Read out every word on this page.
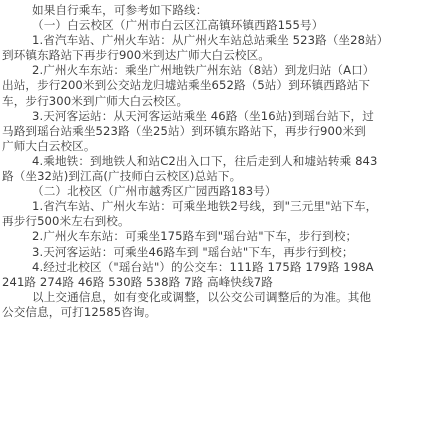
如果自行乘车，可参考如下路线：
（一）白云校区（广州市白云区江高镇环镇西路155号）
1.省汽车站、广州火车站：从广州火车站总站乘坐 523路（坐28站）
到环镇东路站下再步行900米到达广师大白云校区。
2.广州火车东站：乘坐广州地铁广州东站（8站）到龙归站（A口）
出站，步行200米到公交站龙归墟站乘坐652路（5站）到环镇西路站下
车，步行300米到广师大白云校区。
3.天河客运站：从天河客运站乘坐 46路（坐16站)到瑶台站下，过
马路到瑶台站乘坐523路（坐25站）到环镇东路站下，再步行900米到
广师大白云校区。
4.乘地铁：到地铁人和站C2出入口下，往后走到人和墟站转乘 843
路（坐32站)到江高(广技师白云校区)总站下。
（二）北校区（广州市越秀区广园西路183号）
1.省汽车站、广州火车站：可乘坐地铁2号线，到"三元里"站下车，
再步行500米左右到校。
2.广州火车东站：可乘坐175路车到"瑶台站"下车，步行到校；
3.天河客运站：可乘坐46路车到 "瑶台站"下车，再步行到校；
4.经过北校区（"瑶台站"）的公交车：111路 175路 179路 198A
241路 274路 46路 530路 538路 7路 高峰快线7路
以上交通信息，如有变化或调整，以公交公司调整后的为准。其他
公交信息，可打12585咨询。
